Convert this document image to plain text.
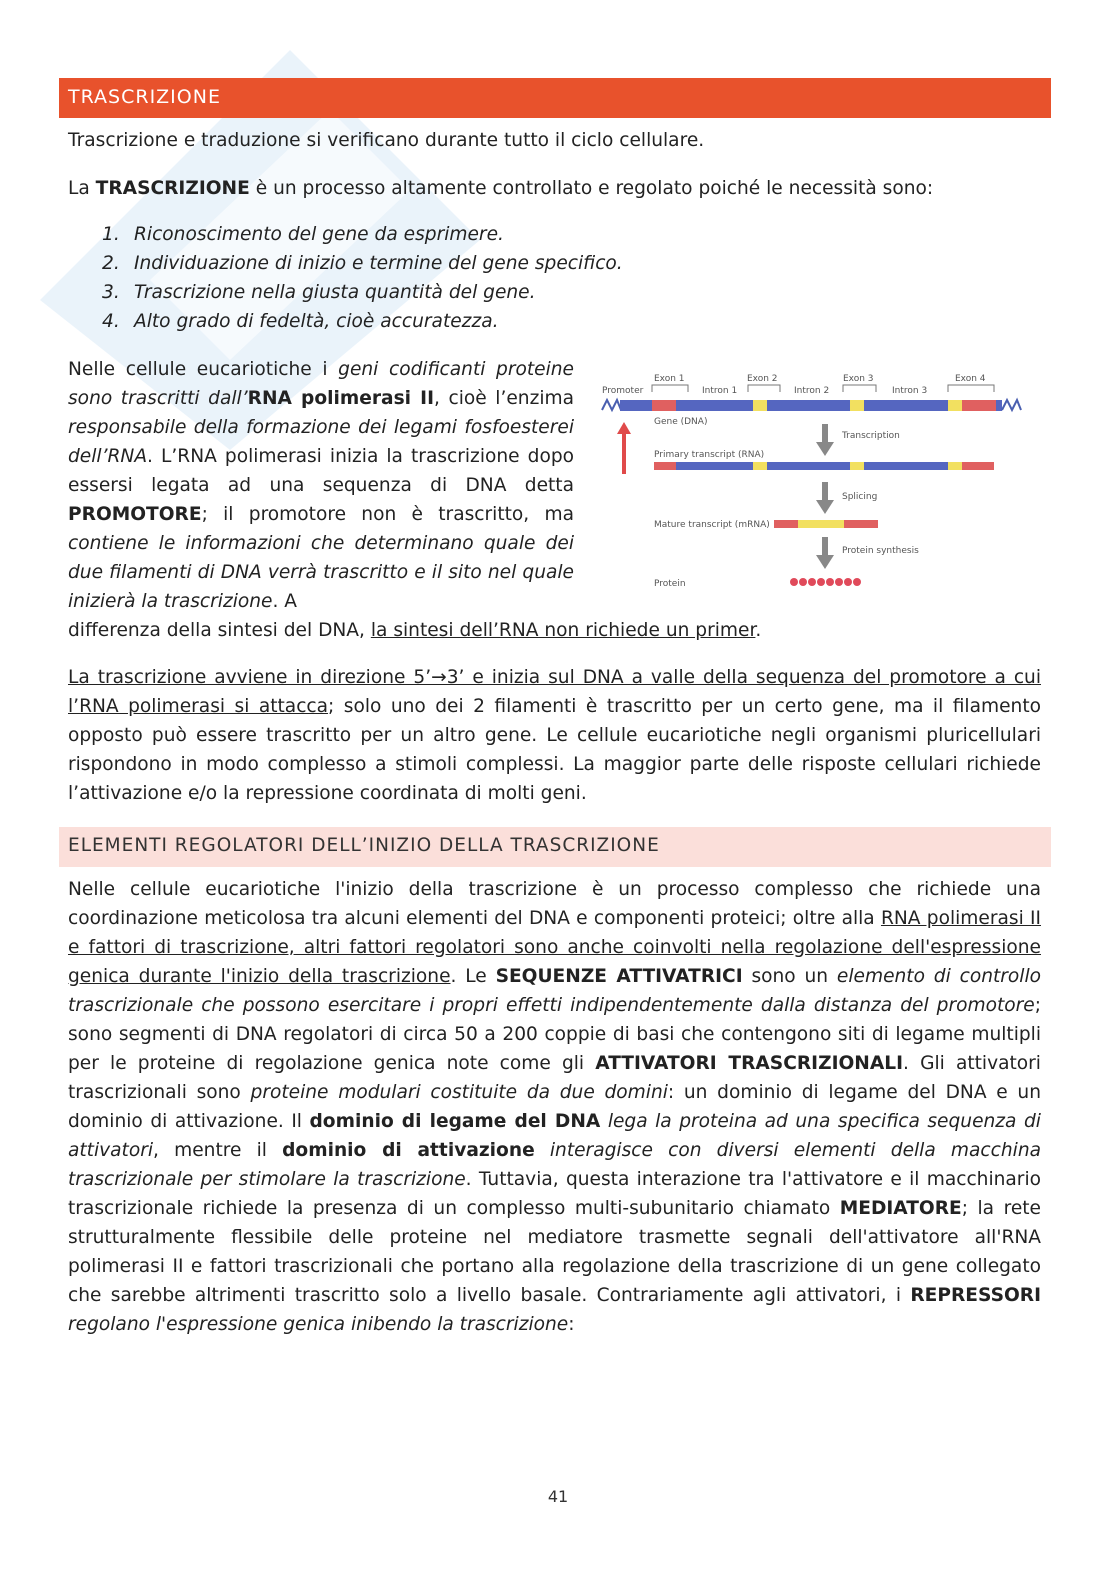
TRASCRIZIONE
Trascrizione e traduzione si verificano durante tutto il ciclo cellulare.
La TRASCRIZIONE è un processo altamente controllato e regolato poiché le necessità sono:
1. Riconoscimento del gene da esprimere.
2. Individuazione di inizio e termine del gene specifico.
3. Trascrizione nella giusta quantità del gene.
4. Alto grado di fedeltà, cioè accuratezza.
Nelle cellule eucariotiche i geni codificanti proteine sono trascritti dall’RNA polimerasi II, cioè l’enzima responsabile della formazione dei legami fosfoesterei dell’RNA. L’RNA polimerasi inizia la trascrizione dopo essersi legata ad una sequenza di DNA detta PROMOTORE; il promotore non è trascritto, ma contiene le informazioni che determinano quale dei due filamenti di DNA verrà trascritto e il sito nel quale inizierà la trascrizione. A
differenza della sintesi del DNA, la sintesi dell’RNA non richiede un primer.
Promoter
Exon 1
Intron 1
Exon 2
Intron 2
Exon 3
Intron 3
Exon 4
Gene (DNA)
Transcription
Primary transcript (RNA)
Splicing
Mature transcript (mRNA)
Protein synthesis
Protein
La trascrizione avviene in direzione 5’→3’ e inizia sul DNA a valle della sequenza del promotore a cui l’RNA polimerasi si attacca; solo uno dei 2 filamenti è trascritto per un certo gene, ma il filamento opposto può essere trascritto per un altro gene. Le cellule eucariotiche negli organismi pluricellulari rispondono in modo complesso a stimoli complessi. La maggior parte delle risposte cellulari richiede l’attivazione e/o la repressione coordinata di molti geni.
ELEMENTI REGOLATORI DELL’INIZIO DELLA TRASCRIZIONE
Nelle cellule eucariotiche l'inizio della trascrizione è un processo complesso che richiede una coordinazione meticolosa tra alcuni elementi del DNA e componenti proteici; oltre alla RNA polimerasi II e fattori di trascrizione, altri fattori regolatori sono anche coinvolti nella regolazione dell'espressione genica durante l'inizio della trascrizione. Le SEQUENZE ATTIVATRICI sono un elemento di controllo trascrizionale che possono esercitare i propri effetti indipendentemente dalla distanza del promotore; sono segmenti di DNA regolatori di circa 50 a 200 coppie di basi che contengono siti di legame multipli per le proteine di regolazione genica note come gli ATTIVATORI TRASCRIZIONALI. Gli attivatori trascrizionali sono proteine modulari costituite da due domini: un dominio di legame del DNA e un dominio di attivazione. Il dominio di legame del DNA lega la proteina ad una specifica sequenza di attivatori, mentre il dominio di attivazione interagisce con diversi elementi della macchina trascrizionale per stimolare la trascrizione. Tuttavia, questa interazione tra l'attivatore e il macchinario trascrizionale richiede la presenza di un complesso multi-subunitario chiamato MEDIATORE; la rete strutturalmente flessibile delle proteine nel mediatore trasmette segnali dell'attivatore all'RNA polimerasi II e fattori trascrizionali che portano alla regolazione della trascrizione di un gene collegato che sarebbe altrimenti trascritto solo a livello basale. Contrariamente agli attivatori, i REPRESSORI regolano l'espressione genica inibendo la trascrizione:
41
